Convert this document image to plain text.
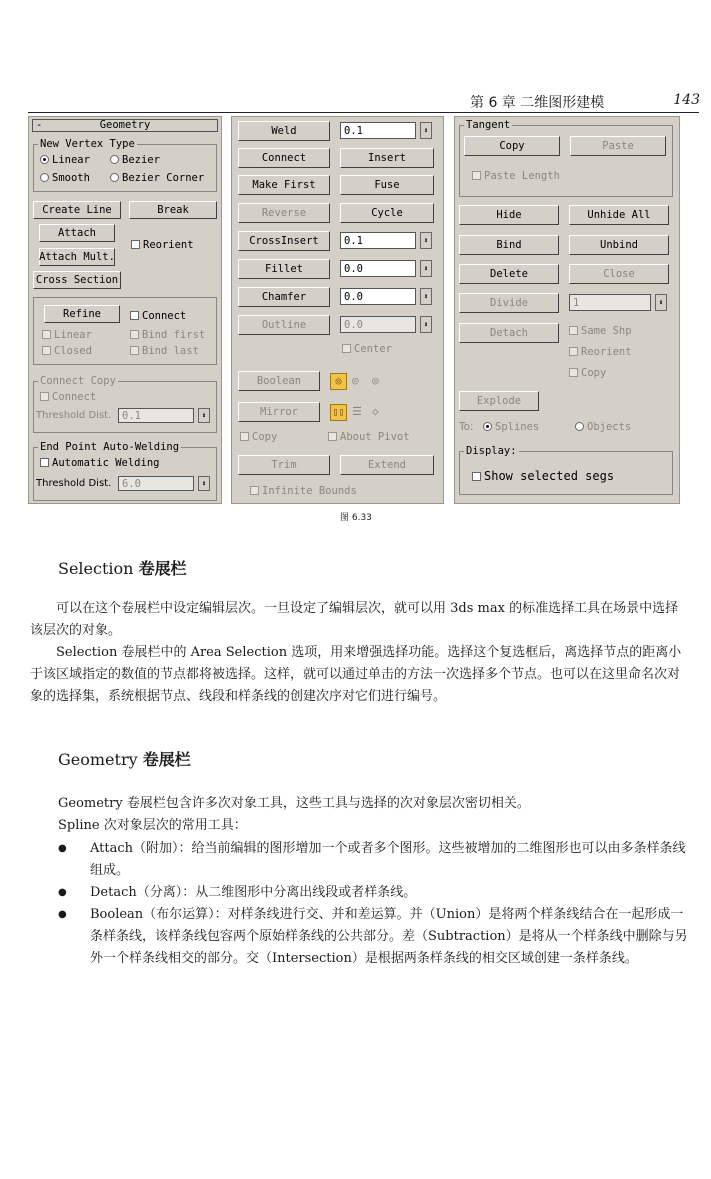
第 6 章 二维图形建模	143
-	Geometry
New Vertex Type
Linear	Bezier
Smooth	Bezier Corner
Create Line	Break
Attach
Reorient
Attach Mult.
Cross Section
Refine	Connect
Linear	Bind first
Closed	Bind last
Connect Copy
Connect
Threshold Dist.	0.1	⬍
End Point Auto-Welding
Automatic Welding
Threshold Dist.	6.0	⬍
Weld	0.1	⬍
Connect	Insert
Make First	Fuse
Reverse	Cycle
CrossInsert	0.1	⬍
Fillet	0.0	⬍
Chamfer	0.0	⬍
Outline	0.0	⬍
Center
Boolean	◎ ◎ ◎
Mirror	▯▯ ☰ ◇
Copy	About Pivot
Trim	Extend
Infinite Bounds
Tangent
Copy	Paste
Paste Length
Hide	Unhide All
Bind	Unbind
Delete	Close
Divide	1	⬍
Detach	Same Shp
Reorient
Copy
Explode
To:	Splines	Objects
Display:
Show selected segs
图 6.33
Selection 卷展栏
可以在这个卷展栏中设定编辑层次。一旦设定了编辑层次，就可以用 3ds max 的标准选择工具在场景中选择该层次的对象。
Selection 卷展栏中的 Area Selection 选项，用来增强选择功能。选择这个复选框后，离选择节点的距离小于该区域指定的数值的节点都将被选择。这样，就可以通过单击的方法一次选择多个节点。也可以在这里命名次对象的选择集，系统根据节点、线段和样条线的创建次序对它们进行编号。
Geometry 卷展栏
Geometry 卷展栏包含许多次对象工具，这些工具与选择的次对象层次密切相关。
Spline 次对象层次的常用工具：
● Attach（附加）：给当前编辑的图形增加一个或者多个图形。这些被增加的二维图形也可以由多条样条线组成。
● Detach（分离）：从二维图形中分离出线段或者样条线。
● Boolean（布尔运算）：对样条线进行交、并和差运算。并（Union）是将两个样条线结合在一起形成一条样条线，该样条线包容两个原始样条线的公共部分。差（Subtraction）是将从一个样条线中删除与另外一个样条线相交的部分。交（Intersection）是根据两条样条线的相交区域创建一条样条线。
